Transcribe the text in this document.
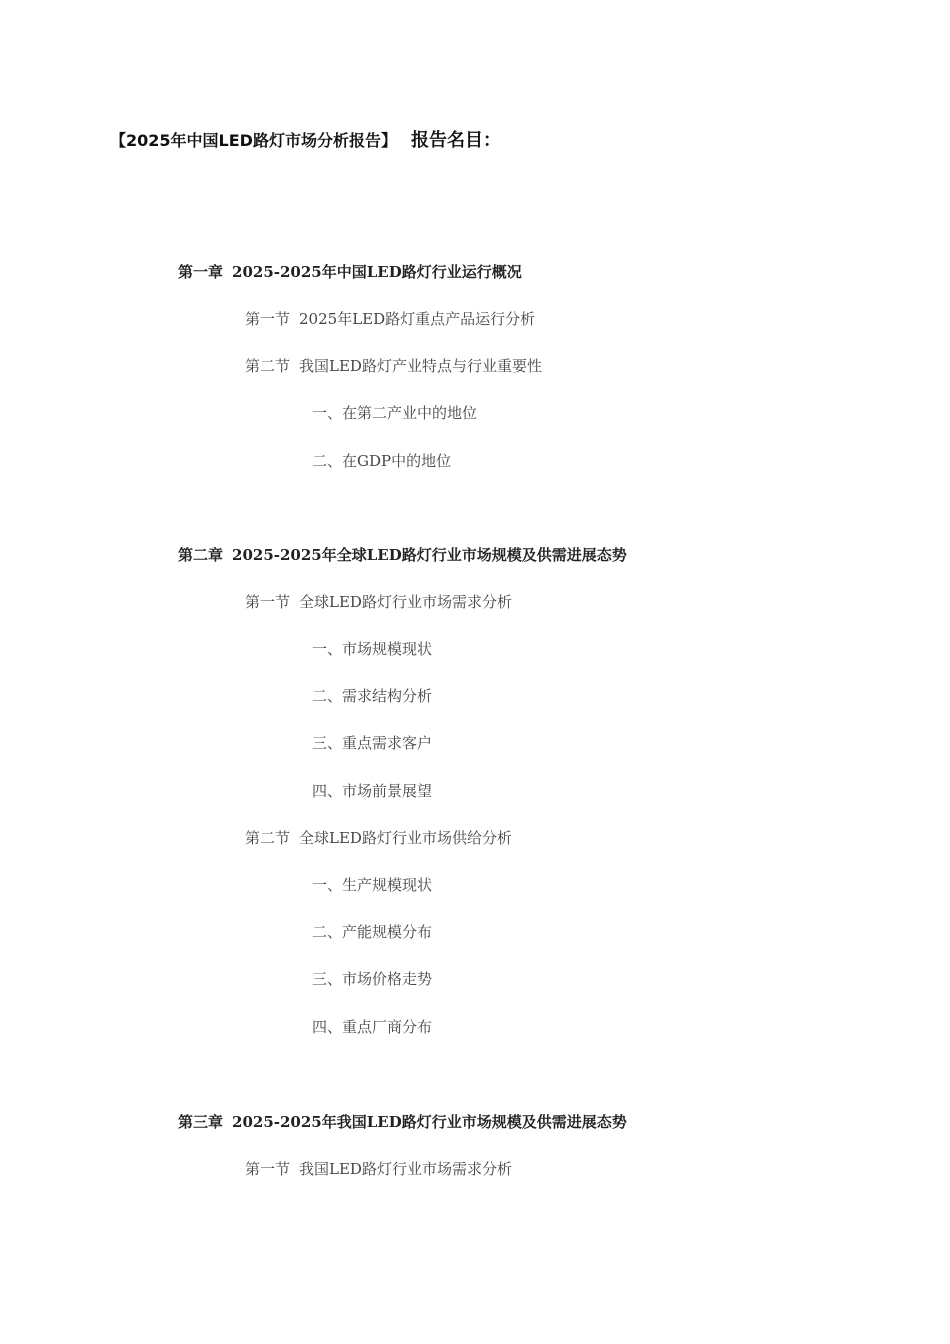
【2025年中国LED路灯市场分析报告】 报告名目：
第一章 2025-2025年中国LED路灯行业运行概况
第一节 2025年LED路灯重点产品运行分析
第二节 我国LED路灯产业特点与行业重要性
一、在第二产业中的地位
二、在GDP中的地位
第二章 2025-2025年全球LED路灯行业市场规模及供需进展态势
第一节 全球LED路灯行业市场需求分析
一、市场规模现状
二、需求结构分析
三、重点需求客户
四、市场前景展望
第二节 全球LED路灯行业市场供给分析
一、生产规模现状
二、产能规模分布
三、市场价格走势
四、重点厂商分布
第三章 2025-2025年我国LED路灯行业市场规模及供需进展态势
第一节 我国LED路灯行业市场需求分析
